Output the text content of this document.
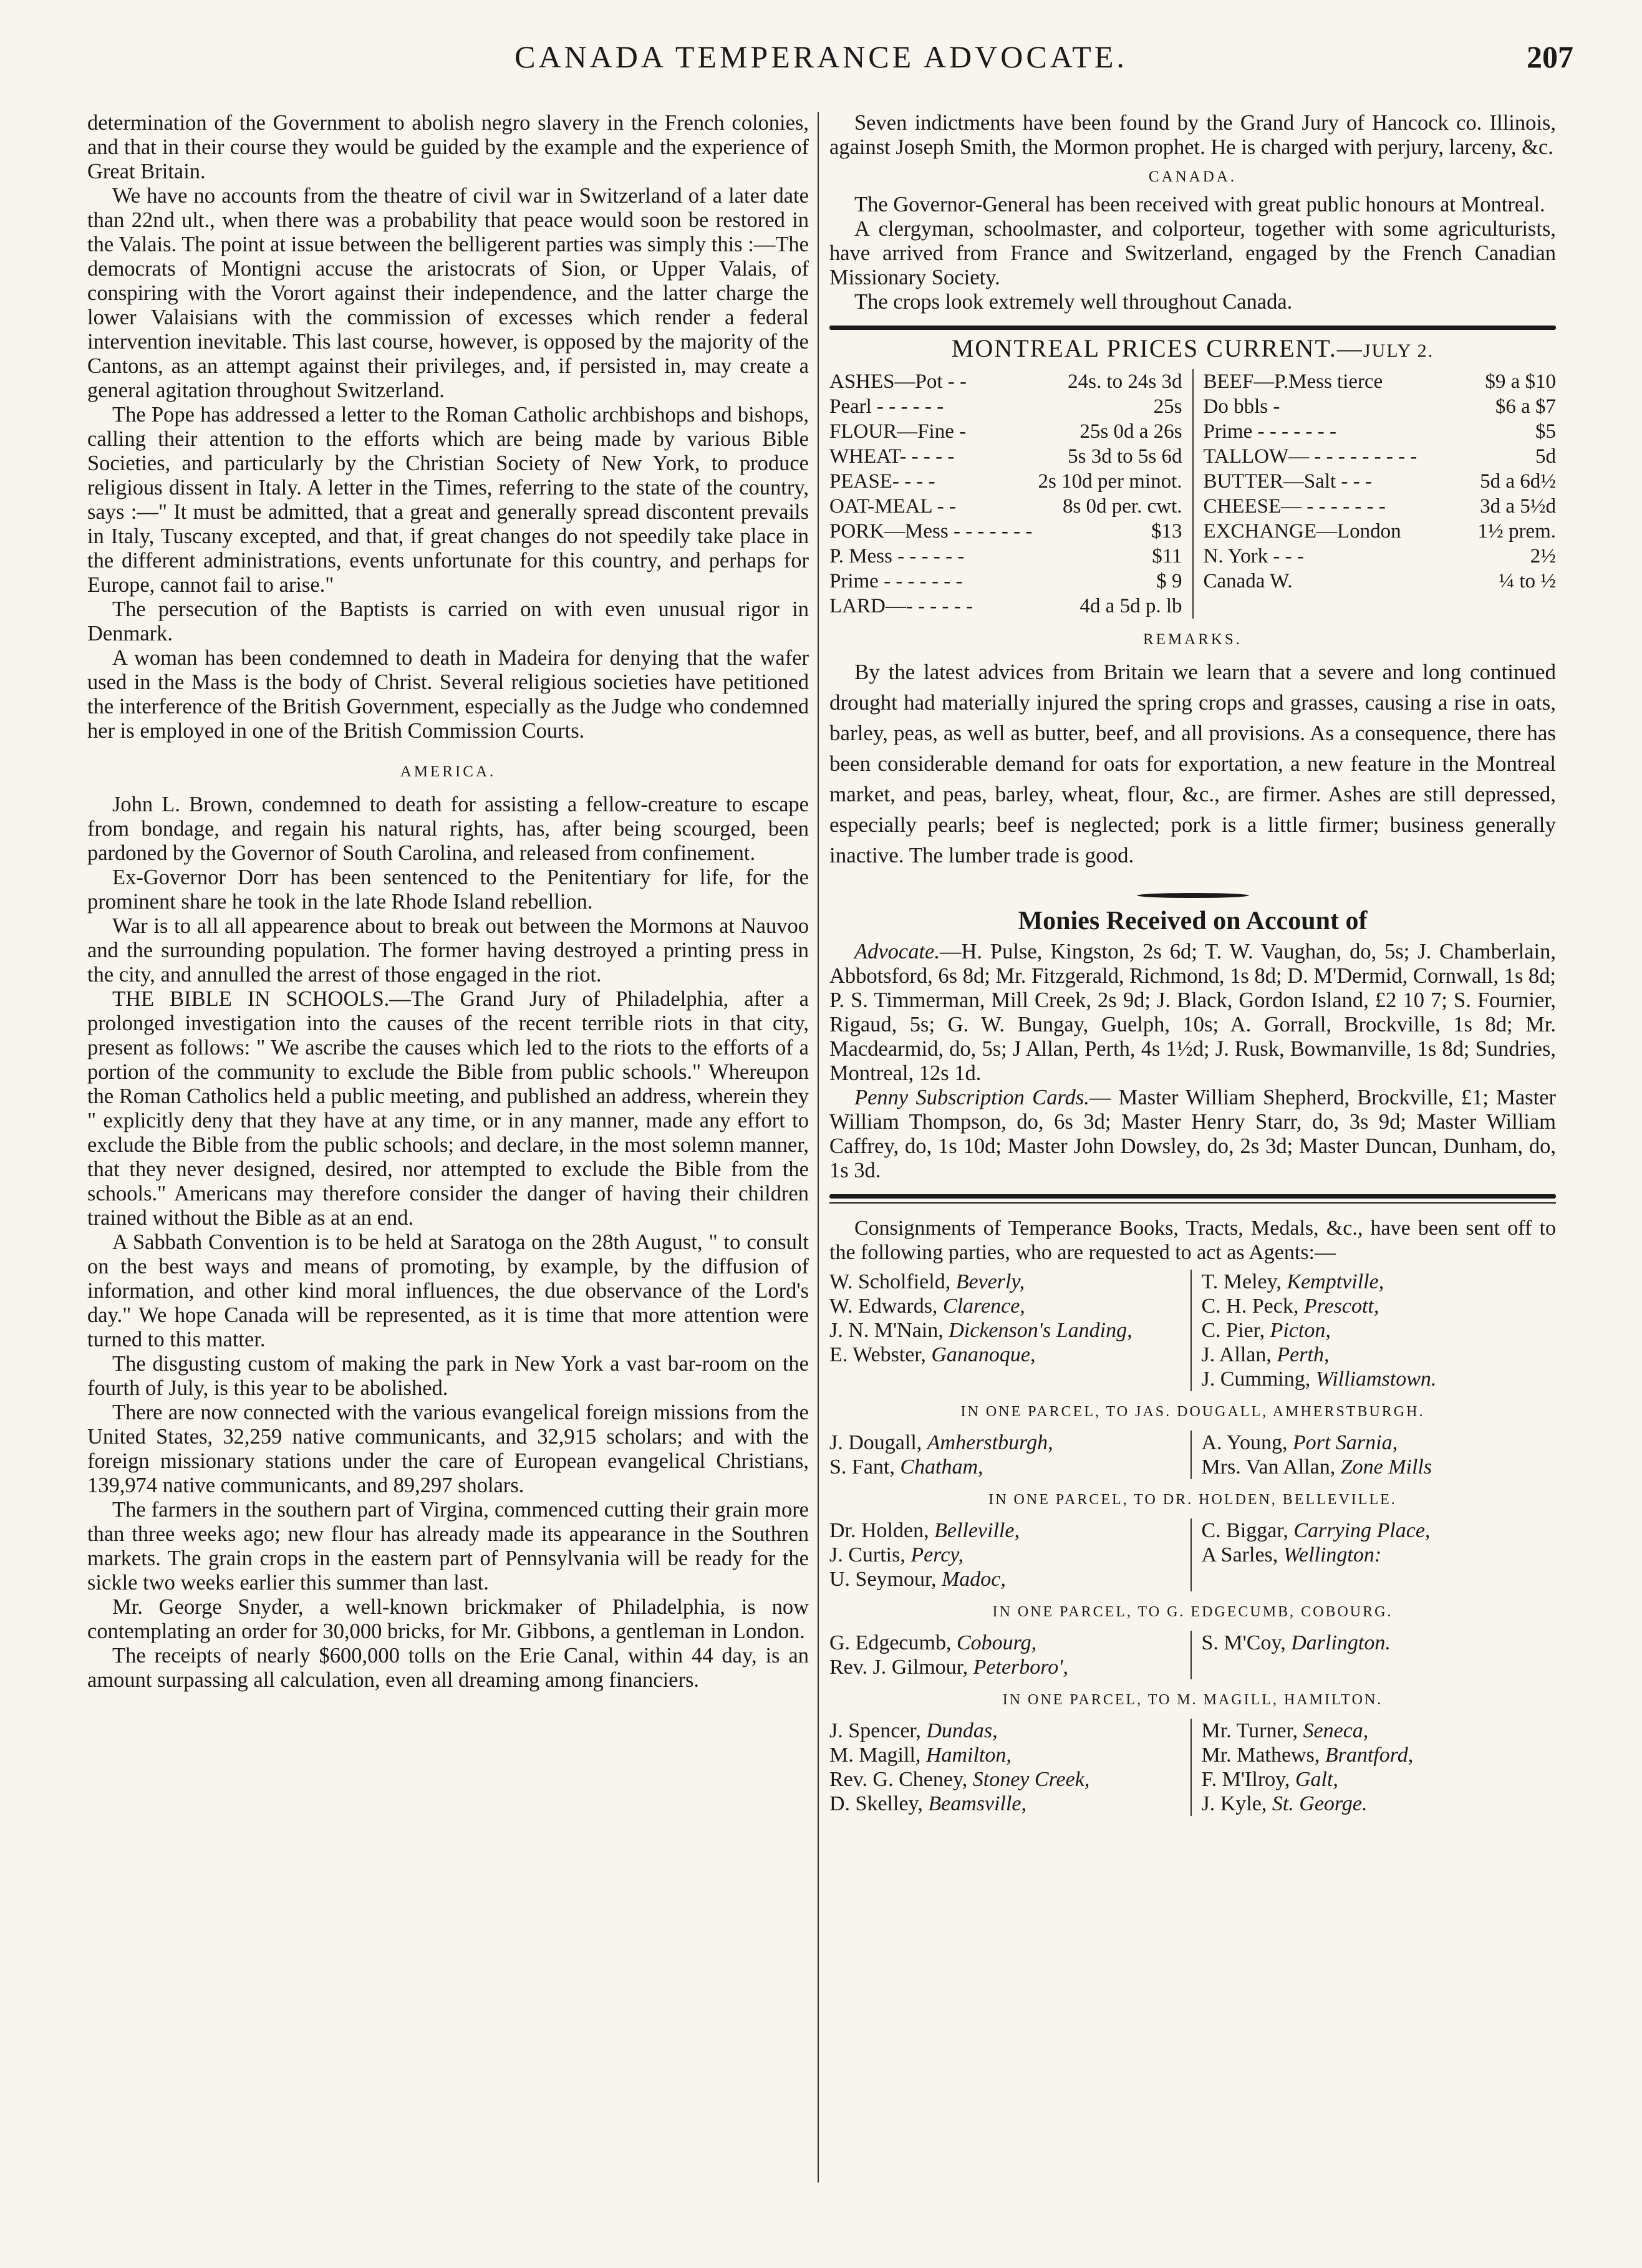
CANADA TEMPERANCE ADVOCATE.	207

determination of the Government to abolish negro slavery in the French colonies, and that in their course they would be guided by the example and the experience of Great Britain.

We have no accounts from the theatre of civil war in Switzerland of a later date than 22nd ult., when there was a probability that peace would soon be restored in the Valais. The point at issue between the belligerent parties was simply this :—The democrats of Montigni accuse the aristocrats of Sion, or Upper Valais, of conspiring with the Vorort against their independence, and the latter charge the lower Valaisians with the commission of excesses which render a federal intervention inevitable. This last course, however, is opposed by the majority of the Cantons, as an attempt against their privileges, and, if persisted in, may create a general agitation throughout Switzerland.

The Pope has addressed a letter to the Roman Catholic archbishops and bishops, calling their attention to the efforts which are being made by various Bible Societies, and particularly by the Christian Society of New York, to produce religious dissent in Italy. A letter in the Times, referring to the state of the country, says :—" It must be admitted, that a great and generally spread discontent prevails in Italy, Tuscany excepted, and that, if great changes do not speedily take place in the different administrations, events unfortunate for this country, and perhaps for Europe, cannot fail to arise."

The persecution of the Baptists is carried on with even unusual rigor in Denmark.

A woman has been condemned to death in Madeira for denying that the wafer used in the Mass is the body of Christ. Several religious societies have petitioned the interference of the British Government, especially as the Judge who condemned her is employed in one of the British Commission Courts.

AMERICA.

John L. Brown, condemned to death for assisting a fellow-creature to escape from bondage, and regain his natural rights, has, after being scourged, been pardoned by the Governor of South Carolina, and released from confinement.

Ex-Governor Dorr has been sentenced to the Penitentiary for life, for the prominent share he took in the late Rhode Island rebellion.

War is to all all appearence about to break out between the Mormons at Nauvoo and the surrounding population. The former having destroyed a printing press in the city, and annulled the arrest of those engaged in the riot.

THE BIBLE IN SCHOOLS.—The Grand Jury of Philadelphia, after a prolonged investigation into the causes of the recent terrible riots in that city, present as follows: " We ascribe the causes which led to the riots to the efforts of a portion of the community to exclude the Bible from public schools." Whereupon the Roman Catholics held a public meeting, and published an address, wherein they " explicitly deny that they have at any time, or in any manner, made any effort to exclude the Bible from the public schools; and declare, in the most solemn manner, that they never designed, desired, nor attempted to exclude the Bible from the schools." Americans may therefore consider the danger of having their children trained without the Bible as at an end.

A Sabbath Convention is to be held at Saratoga on the 28th August, " to consult on the best ways and means of promoting, by example, by the diffusion of information, and other kind moral influences, the due observance of the Lord's day." We hope Canada will be represented, as it is time that more attention were turned to this matter.

The disgusting custom of making the park in New York a vast bar-room on the fourth of July, is this year to be abolished.

There are now connected with the various evangelical foreign missions from the United States, 32,259 native communicants, and 32,915 scholars; and with the foreign missionary stations under the care of European evangelical Christians, 139,974 native communicants, and 89,297 sholars.

The farmers in the southern part of Virgina, commenced cutting their grain more than three weeks ago; new flour has already made its appearance in the Southren markets. The grain crops in the eastern part of Pennsylvania will be ready for the sickle two weeks earlier this summer than last.

Mr. George Snyder, a well-known brickmaker of Philadelphia, is now contemplating an order for 30,000 bricks, for Mr. Gibbons, a gentleman in London.

The receipts of nearly $600,000 tolls on the Erie Canal, within 44 day, is an amount surpassing all calculation, even all dreaming among financiers.

Seven indictments have been found by the Grand Jury of Hancock co. Illinois, against Joseph Smith, the Mormon prophet. He is charged with perjury, larceny, &c.

CANADA.

The Governor-General has been received with great public honours at Montreal.

A clergyman, schoolmaster, and colporteur, together with some agriculturists, have arrived from France and Switzerland, engaged by the French Canadian Missionary Society.

The crops look extremely well throughout Canada.

MONTREAL PRICES CURRENT.—JULY 2.
ASHES—Pot - -	24s. to 24s 3d
Pearl - - - - - -	25s
FLOUR—Fine -	25s 0d a 26s
WHEAT- - - - -	5s 3d to 5s 6d
PEASE- - - -	2s 10d per minot.
OAT-MEAL - -	8s 0d per. cwt.
PORK—Mess - - - - - - -	$13
P. Mess - - - - - -	$11
Prime - - - - - - -	$ 9
LARD—- - - - - -	4d a 5d p. lb
BEEF—P.Mess tierce	$9 a $10
Do bbls -	$6 a $7
Prime - - - - - - -	$5
TALLOW— - - - - - - - - -	5d
BUTTER—Salt - - -	5d a 6d½
CHEESE— - - - - - - -	3d a 5½d
EXCHANGE—London	1½ prem.
N. York - - -	2½
Canada W.	¼ to ½
REMARKS.

By the latest advices from Britain we learn that a severe and long continued drought had materially injured the spring crops and grasses, causing a rise in oats, barley, peas, as well as butter, beef, and all provisions. As a consequence, there has been considerable demand for oats for exportation, a new feature in the Montreal market, and peas, barley, wheat, flour, &c., are firmer. Ashes are still depressed, especially pearls; beef is neglected; pork is a little firmer; business generally inactive. The lumber trade is good.

Monies Received on Account of

Advocate.—H. Pulse, Kingston, 2s 6d; T. W. Vaughan, do, 5s; J. Chamberlain, Abbotsford, 6s 8d; Mr. Fitzgerald, Richmond, 1s 8d; D. M'Dermid, Cornwall, 1s 8d; P. S. Timmerman, Mill Creek, 2s 9d; J. Black, Gordon Island, £2 10 7; S. Fournier, Rigaud, 5s; G. W. Bungay, Guelph, 10s; A. Gorrall, Brockville, 1s 8d; Mr. Macdearmid, do, 5s; J Allan, Perth, 4s 1½d; J. Rusk, Bowmanville, 1s 8d; Sundries, Montreal, 12s 1d.

Penny Subscription Cards.— Master William Shepherd, Brockville, £1; Master William Thompson, do, 6s 3d; Master Henry Starr, do, 3s 9d; Master William Caffrey, do, 1s 10d; Master John Dowsley, do, 2s 3d; Master Duncan, Dunham, do, 1s 3d.

Consignments of Temperance Books, Tracts, Medals, &c., have been sent off to the following parties, who are requested to act as Agents:—

W. Scholfield, Beverly,
W. Edwards, Clarence,
J. N. M'Nain, Dickenson's Landing,
E. Webster, Gananoque,
T. Meley, Kemptville,
C. H. Peck, Prescott,
C. Pier, Picton,
J. Allan, Perth,
J. Cumming, Williamstown.
IN ONE PARCEL, TO JAS. DOUGALL, AMHERSTBURGH.
J. Dougall, Amherstburgh,
S. Fant, Chatham,
A. Young, Port Sarnia,
Mrs. Van Allan, Zone Mills
IN ONE PARCEL, TO DR. HOLDEN, BELLEVILLE.
Dr. Holden, Belleville,
J. Curtis, Percy,
U. Seymour, Madoc,
C. Biggar, Carrying Place,
A Sarles, Wellington:
IN ONE PARCEL, TO G. EDGECUMB, COBOURG.
G. Edgecumb, Cobourg,
Rev. J. Gilmour, Peterboro',
S. M'Coy, Darlington.
IN ONE PARCEL, TO M. MAGILL, HAMILTON.
J. Spencer, Dundas,
M. Magill, Hamilton,
Rev. G. Cheney, Stoney Creek,
D. Skelley, Beamsville,
Mr. Turner, Seneca,
Mr. Mathews, Brantford,
F. M'Ilroy, Galt,
J. Kyle, St. George.
